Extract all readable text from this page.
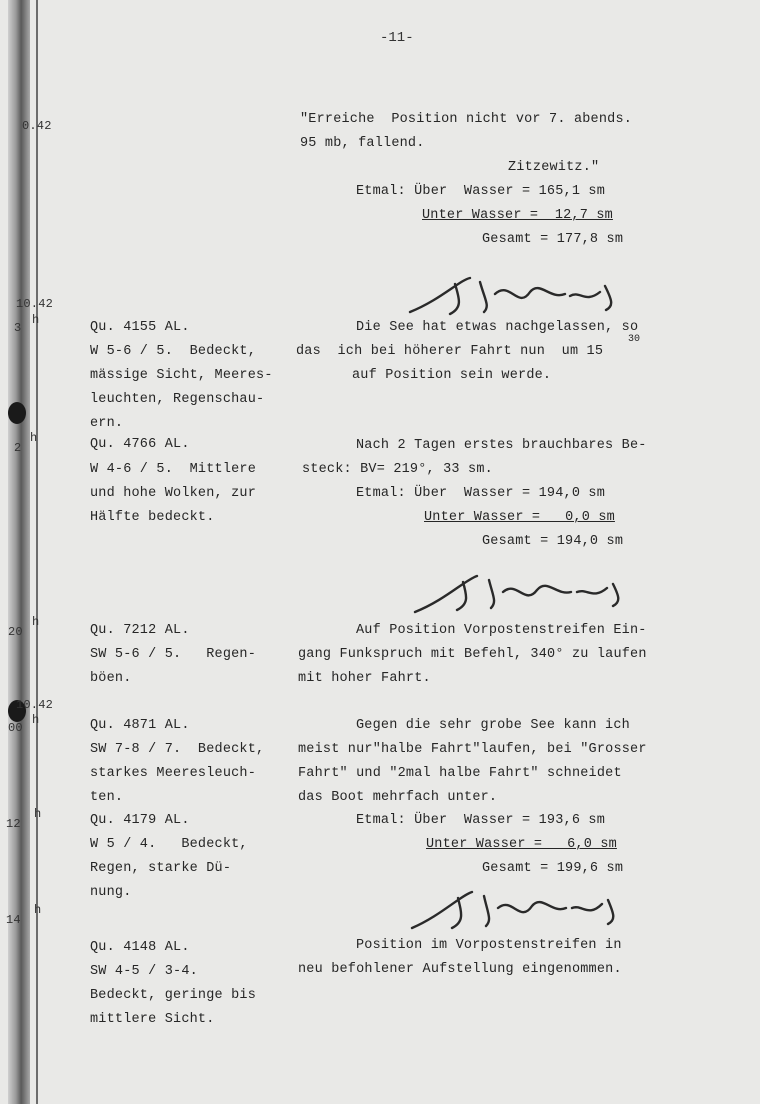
-11-
0.42
10.42
h
3
h
2
20
h
10.42
00
h
12
h
14
h
Qu. 4155 AL.
W 5-6 / 5.  Bedeckt,
mässige Sicht, Meeres-
leuchten, Regenschau-
ern.
Qu. 4766 AL.
W 4-6 / 5.  Mittlere
und hohe Wolken, zur
Hälfte bedeckt.
Qu. 7212 AL.
SW 5-6 / 5.   Regen-
böen.
Qu. 4871 AL.
SW 7-8 / 7.  Bedeckt,
starkes Meeresleuch-
ten.
Qu. 4179 AL.
W 5 / 4.   Bedeckt,
Regen, starke Dü-
nung.
Qu. 4148 AL.
SW 4-5 / 3-4.
Bedeckt, geringe bis
mittlere Sicht.
"Erreiche  Position nicht vor 7. abends.
95 mb, fallend.
Zitzewitz."
Etmal: Über  Wasser = 165,1 sm
Unter Wasser =  12,7 sm
Gesamt = 177,8 sm
Die See hat etwas nachgelassen, so
das  ich bei höherer Fahrt nun  um 15
auf Position sein werde.
Nach 2 Tagen erstes brauchbares Be-
steck: BV= 219°, 33 sm.
Etmal: Über  Wasser = 194,0 sm
Unter Wasser =   0,0 sm
Gesamt = 194,0 sm
Auf Position Vorpostenstreifen Ein-
gang Funkspruch mit Befehl, 340° zu laufen
mit hoher Fahrt.
Gegen die sehr grobe See kann ich
meist nur"halbe Fahrt"laufen, bei "Grosser
Fahrt" und "2mal halbe Fahrt" schneidet
das Boot mehrfach unter.
Etmal: Über  Wasser = 193,6 sm
Unter Wasser =   6,0 sm
Gesamt = 199,6 sm
Position im Vorpostenstreifen in
neu befohlener Aufstellung eingenommen.
30
